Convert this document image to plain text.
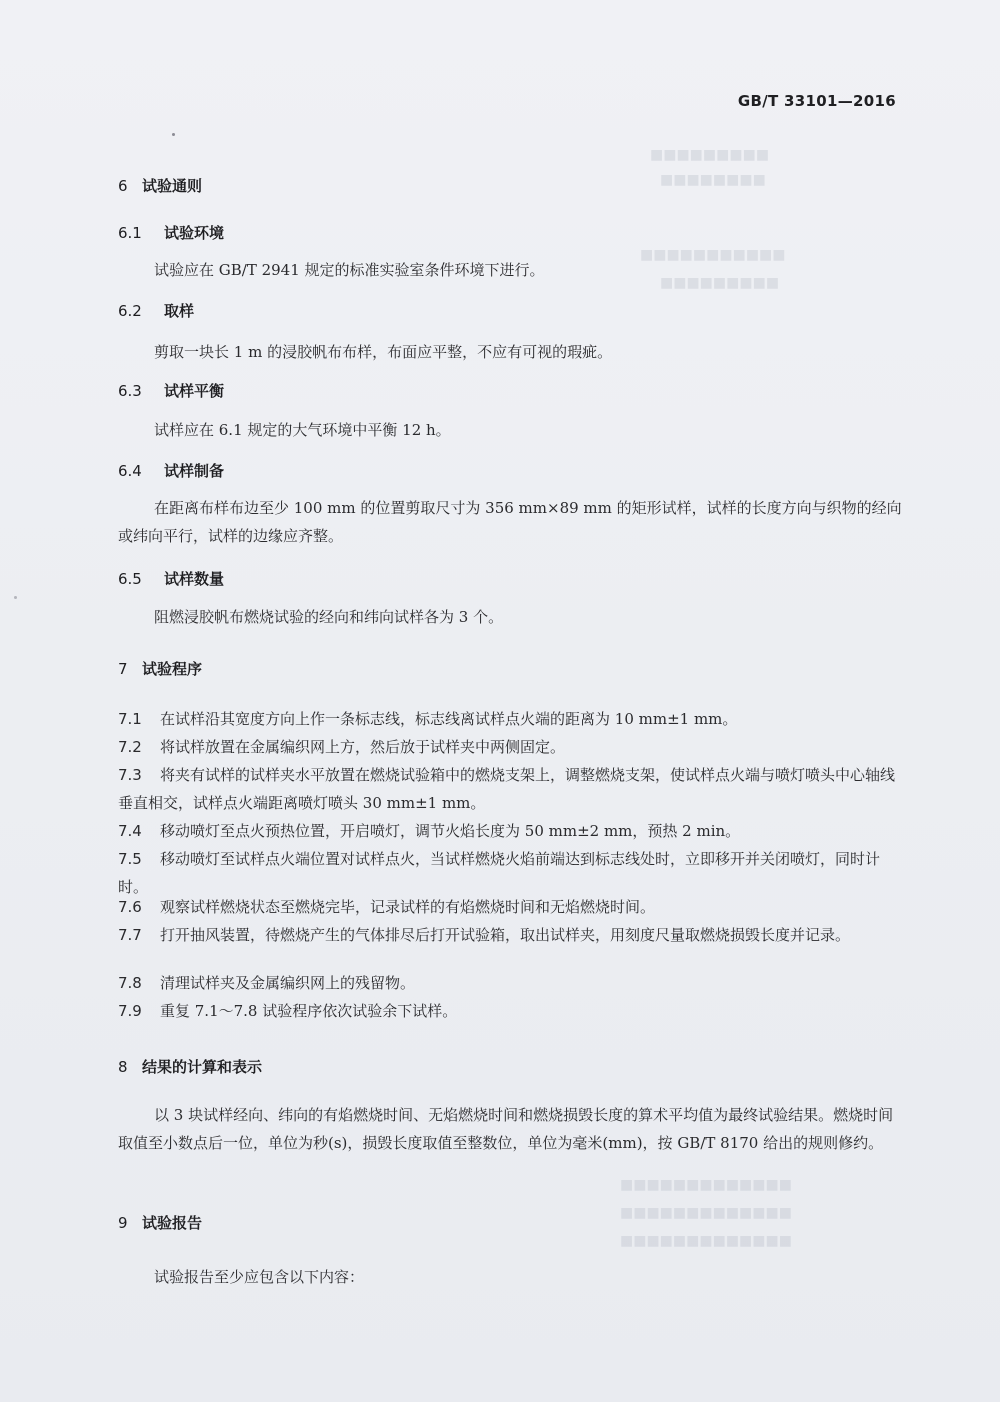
■■■■■■■■■
■■■■■■■■
■■■■■■■■■■■
■■■■■■■■■
■■■■■■■■■■■■■
■■■■■■■■■■■■■
■■■■■■■■■■■■■
GB/T 33101—2016
6 试验通则
6.1 试验环境
试验应在 GB/T 2941 规定的标准实验室条件环境下进行。
6.2 取样
剪取一块长 1 m 的浸胶帆布布样，布面应平整，不应有可视的瑕疵。
6.3 试样平衡
试样应在 6.1 规定的大气环境中平衡 12 h。
6.4 试样制备
在距离布样布边至少 100 mm 的位置剪取尺寸为 356 mm×89 mm 的矩形试样，试样的长度方向与织物的经向或纬向平行，试样的边缘应齐整。
6.5 试样数量
阻燃浸胶帆布燃烧试验的经向和纬向试样各为 3 个。
7 试验程序
7.1 在试样沿其宽度方向上作一条标志线，标志线离试样点火端的距离为 10 mm±1 mm。
7.2 将试样放置在金属编织网上方，然后放于试样夹中两侧固定。
7.3 将夹有试样的试样夹水平放置在燃烧试验箱中的燃烧支架上，调整燃烧支架，使试样点火端与喷灯喷头中心轴线垂直相交，试样点火端距离喷灯喷头 30 mm±1 mm。
7.4 移动喷灯至点火预热位置，开启喷灯，调节火焰长度为 50 mm±2 mm，预热 2 min。
7.5 移动喷灯至试样点火端位置对试样点火，当试样燃烧火焰前端达到标志线处时，立即移开并关闭喷灯，同时计时。
7.6 观察试样燃烧状态至燃烧完毕，记录试样的有焰燃烧时间和无焰燃烧时间。
7.7 打开抽风装置，待燃烧产生的气体排尽后打开试验箱，取出试样夹，用刻度尺量取燃烧损毁长度并记录。
7.8 清理试样夹及金属编织网上的残留物。
7.9 重复 7.1～7.8 试验程序依次试验余下试样。
8 结果的计算和表示
以 3 块试样经向、纬向的有焰燃烧时间、无焰燃烧时间和燃烧损毁长度的算术平均值为最终试验结果。燃烧时间取值至小数点后一位，单位为秒(s)，损毁长度取值至整数位，单位为毫米(mm)，按 GB/T 8170 给出的规则修约。
9 试验报告
试验报告至少应包含以下内容：
